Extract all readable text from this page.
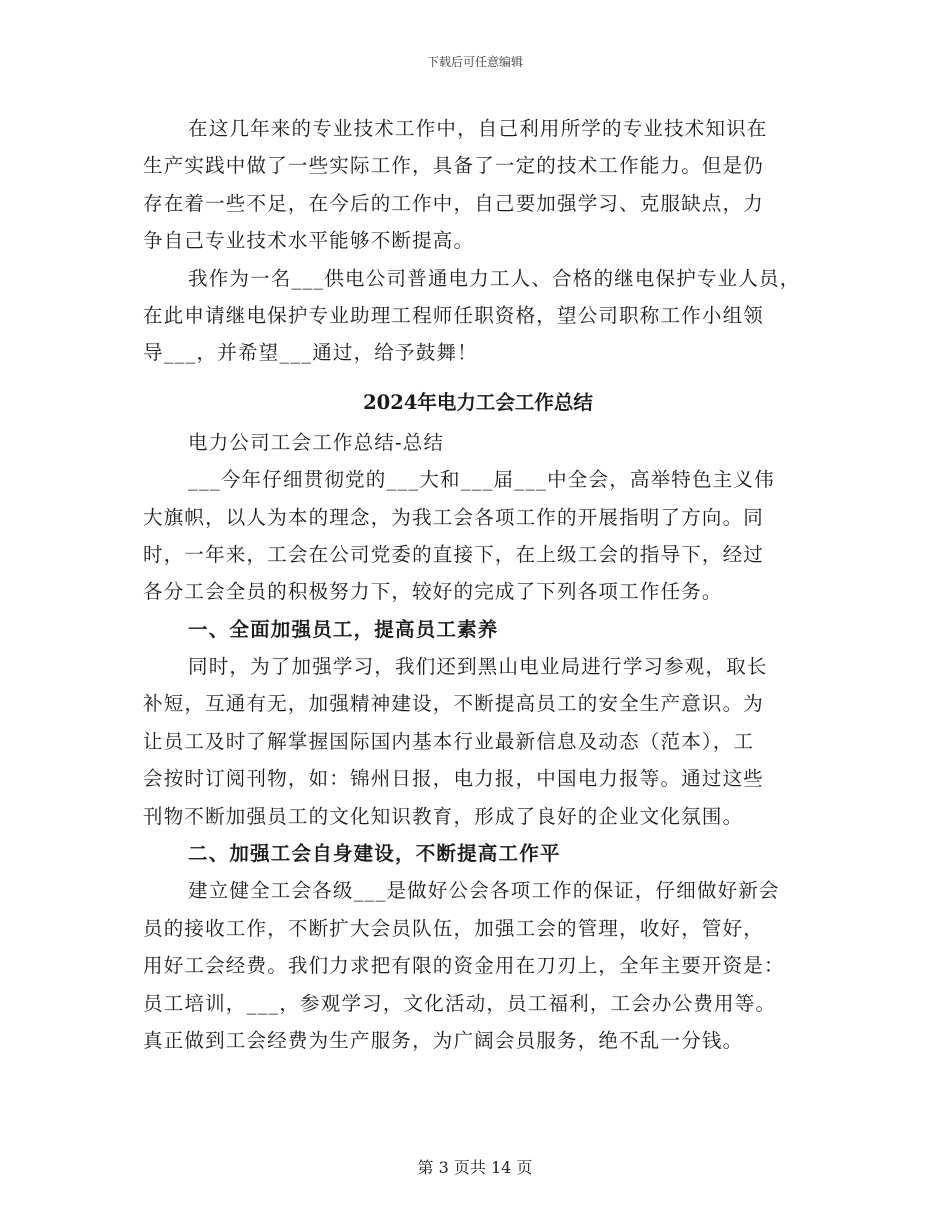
下载后可任意编辑
在这几年来的专业技术工作中，自己利用所学的专业技术知识在
生产实践中做了一些实际工作，具备了一定的技术工作能力。但是仍
存在着一些不足，在今后的工作中，自己要加强学习、克服缺点，力
争自己专业技术水平能够不断提高。
我作为一名___供电公司普通电力工人、合格的继电保护专业人员，
在此申请继电保护专业助理工程师任职资格，望公司职称工作小组领
导___，并希望___通过，给予鼓舞！
2024年电力工会工作总结
电力公司工会工作总结-总结
___今年仔细贯彻党的___大和___届___中全会，高举特色主义伟
大旗帜，以人为本的理念，为我工会各项工作的开展指明了方向。同
时，一年来，工会在公司党委的直接下，在上级工会的指导下，经过
各分工会全员的积极努力下，较好的完成了下列各项工作任务。
一、全面加强员工，提高员工素养
同时，为了加强学习，我们还到黑山电业局进行学习参观，取长
补短，互通有无，加强精神建设，不断提高员工的安全生产意识。为
让员工及时了解掌握国际国内基本行业最新信息及动态（范本），工
会按时订阅刊物，如：锦州日报，电力报，中国电力报等。通过这些
刊物不断加强员工的文化知识教育，形成了良好的企业文化氛围。
二、加强工会自身建设，不断提高工作平
建立健全工会各级___是做好公会各项工作的保证，仔细做好新会
员的接收工作，不断扩大会员队伍，加强工会的管理，收好，管好，
用好工会经费。我们力求把有限的资金用在刀刃上，全年主要开资是：
员工培训，___，参观学习，文化活动，员工福利，工会办公费用等。
真正做到工会经费为生产服务，为广阔会员服务，绝不乱一分钱。
第 3 页共 14 页
